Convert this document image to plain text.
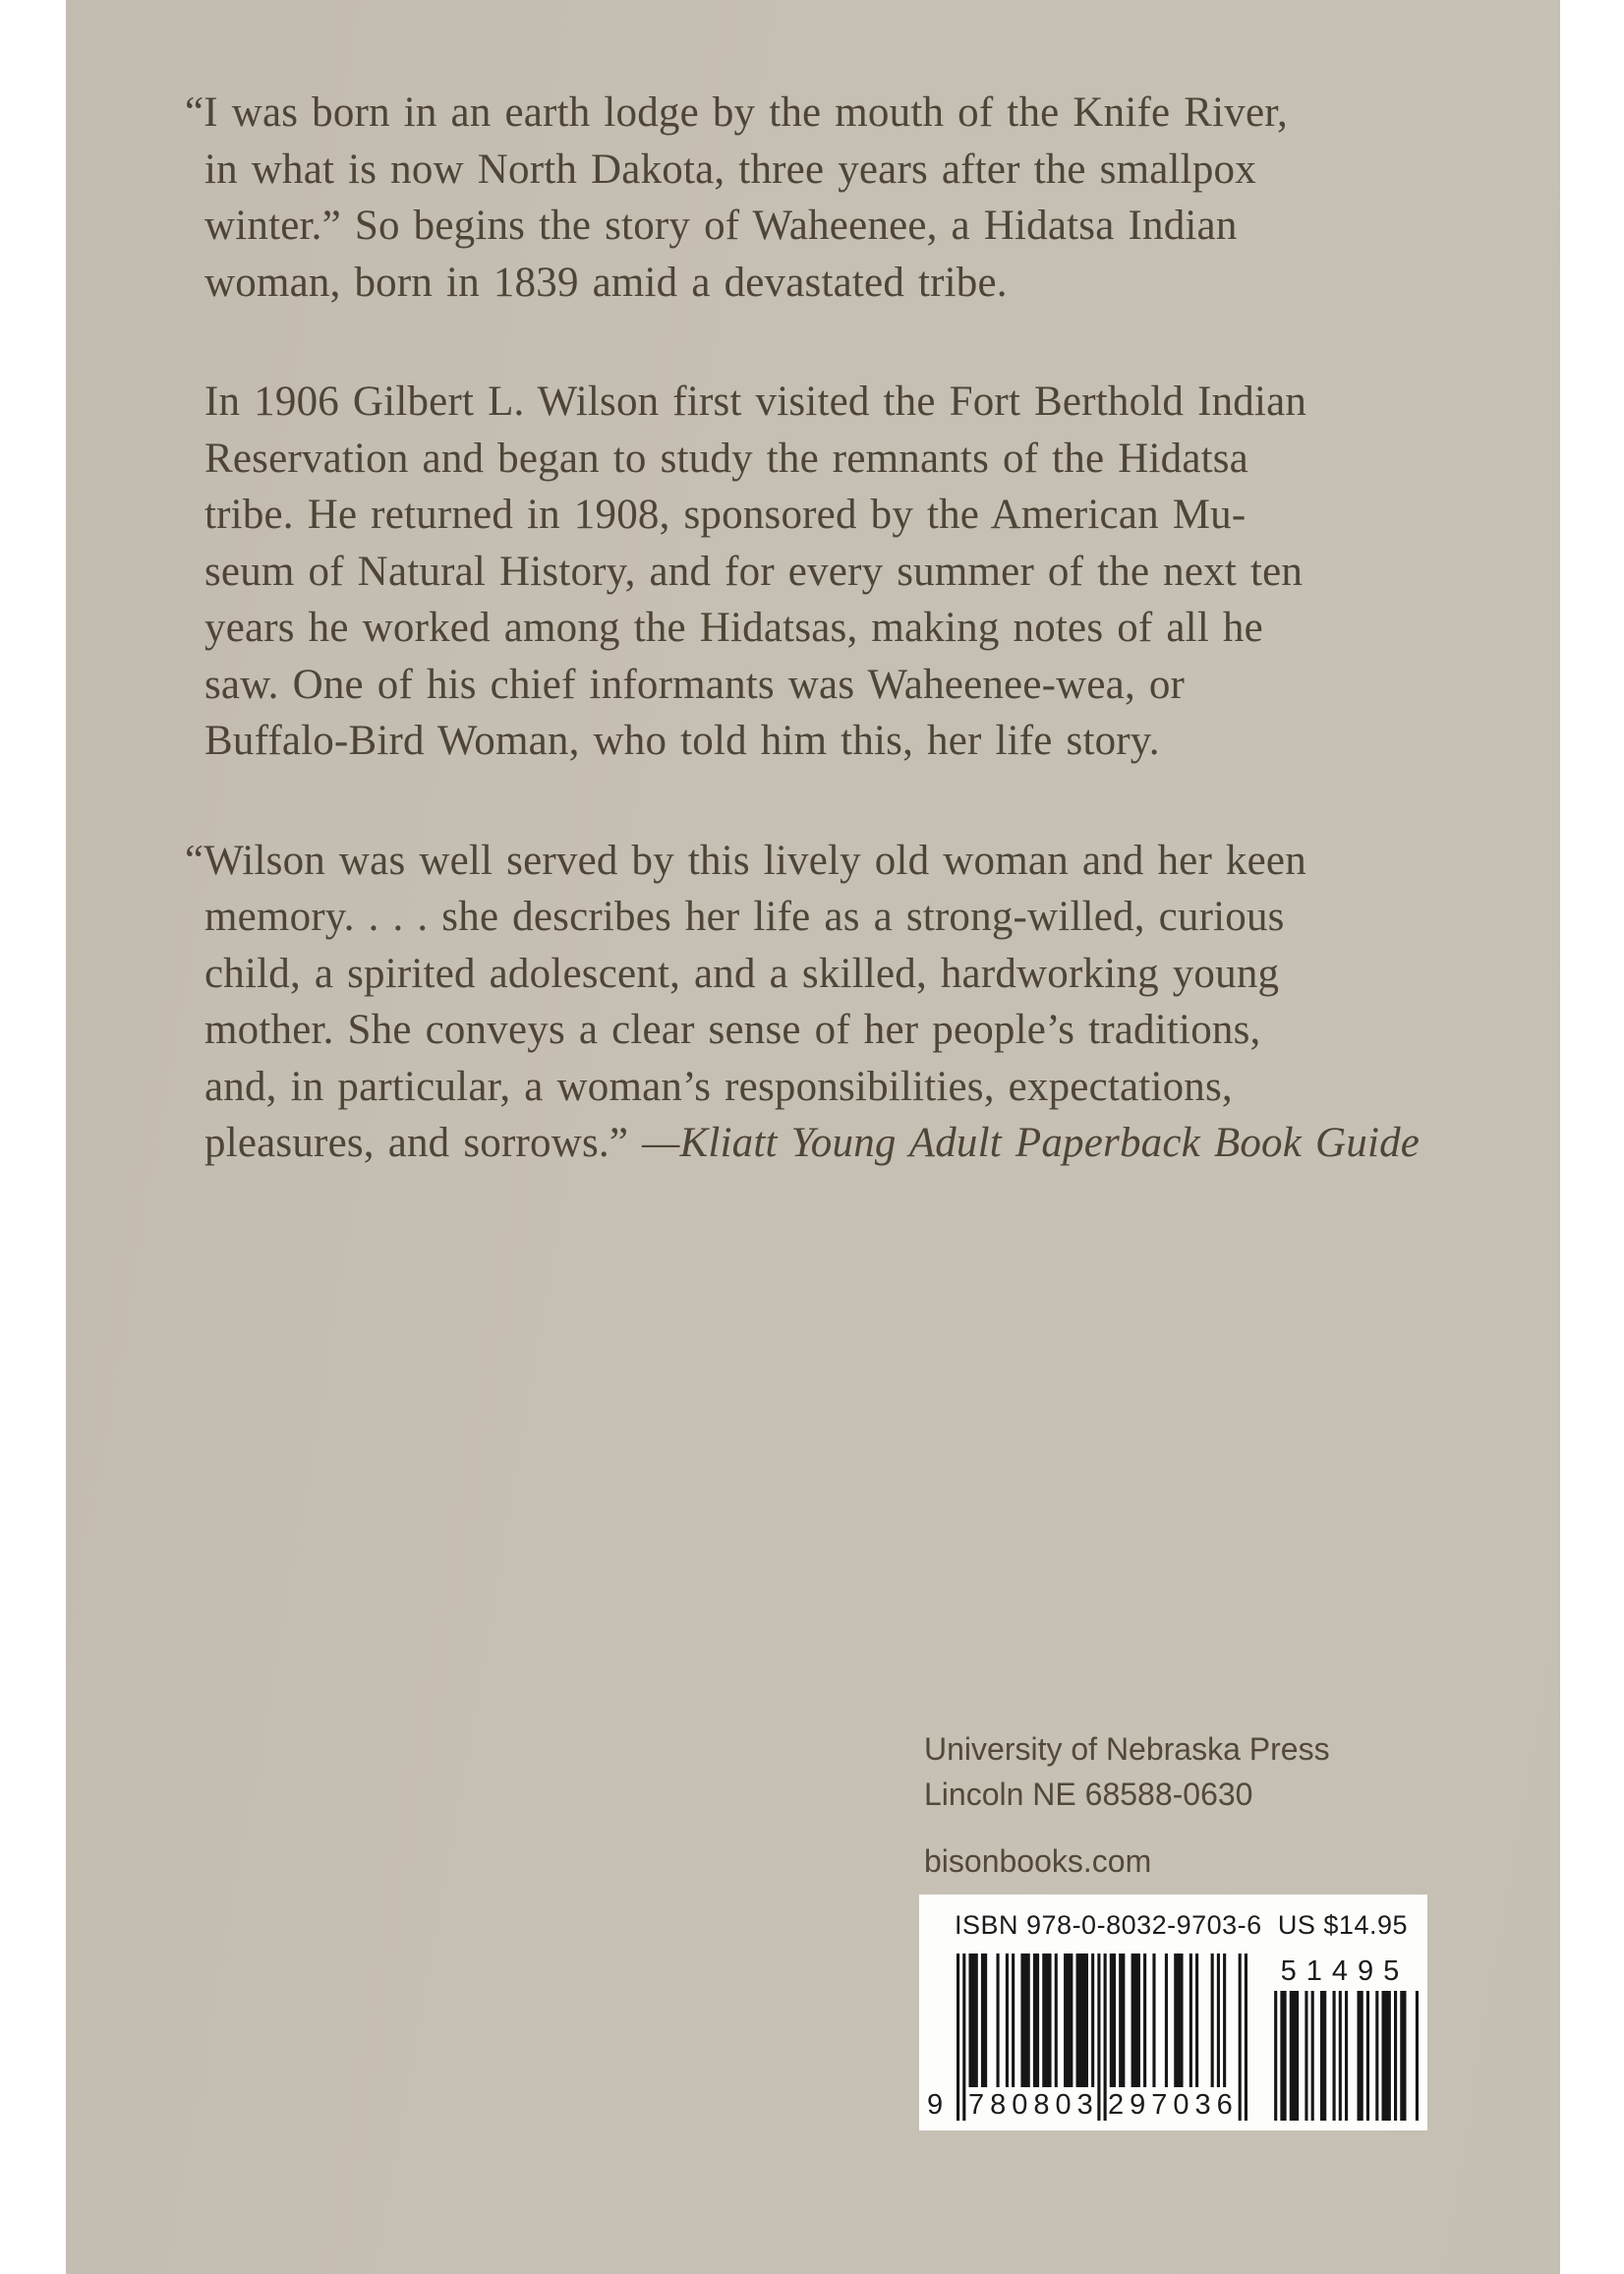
“I was born in an earth lodge by the mouth of the Knife River,
in what is now North Dakota, three years after the smallpox
winter.” So begins the story of Waheenee, a Hidatsa Indian
woman, born in 1839 amid a devastated tribe.
In 1906 Gilbert L. Wilson first visited the Fort Berthold Indian
Reservation and began to study the remnants of the Hidatsa
tribe. He returned in 1908, sponsored by the American Mu-
seum of Natural History, and for every summer of the next ten
years he worked among the Hidatsas, making notes of all he
saw. One of his chief informants was Waheenee-wea, or
Buffalo-Bird Woman, who told him this, her life story.
“Wilson was well served by this lively old woman and her keen
memory. . . . she describes her life as a strong-willed, curious
child, a spirited adolescent, and a skilled, hardworking young
mother. She conveys a clear sense of her people’s traditions,
and, in particular, a woman’s responsibilities, expectations,
pleasures, and sorrows.” —Kliatt Young Adult Paperback Book Guide
University of Nebraska Press
Lincoln NE 68588-0630
bisonbooks.com
ISBN 978-0-8032-9703-6 US $14.95
9 780803 297036
51495
